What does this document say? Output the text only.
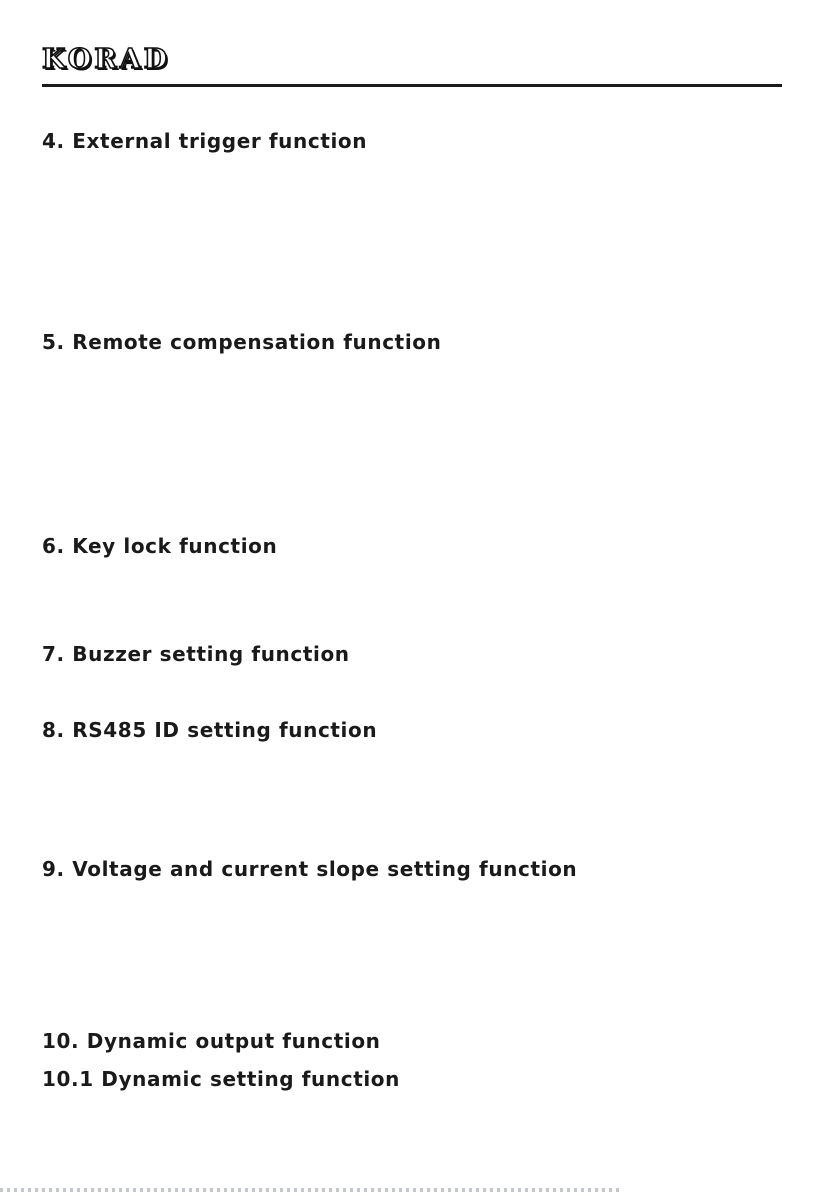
KORAD
4. External trigger function
5. Remote compensation function
6. Key lock function
7. Buzzer setting function
8. RS485 ID setting function
9. Voltage and current slope setting function
10. Dynamic output function
10.1 Dynamic setting function
